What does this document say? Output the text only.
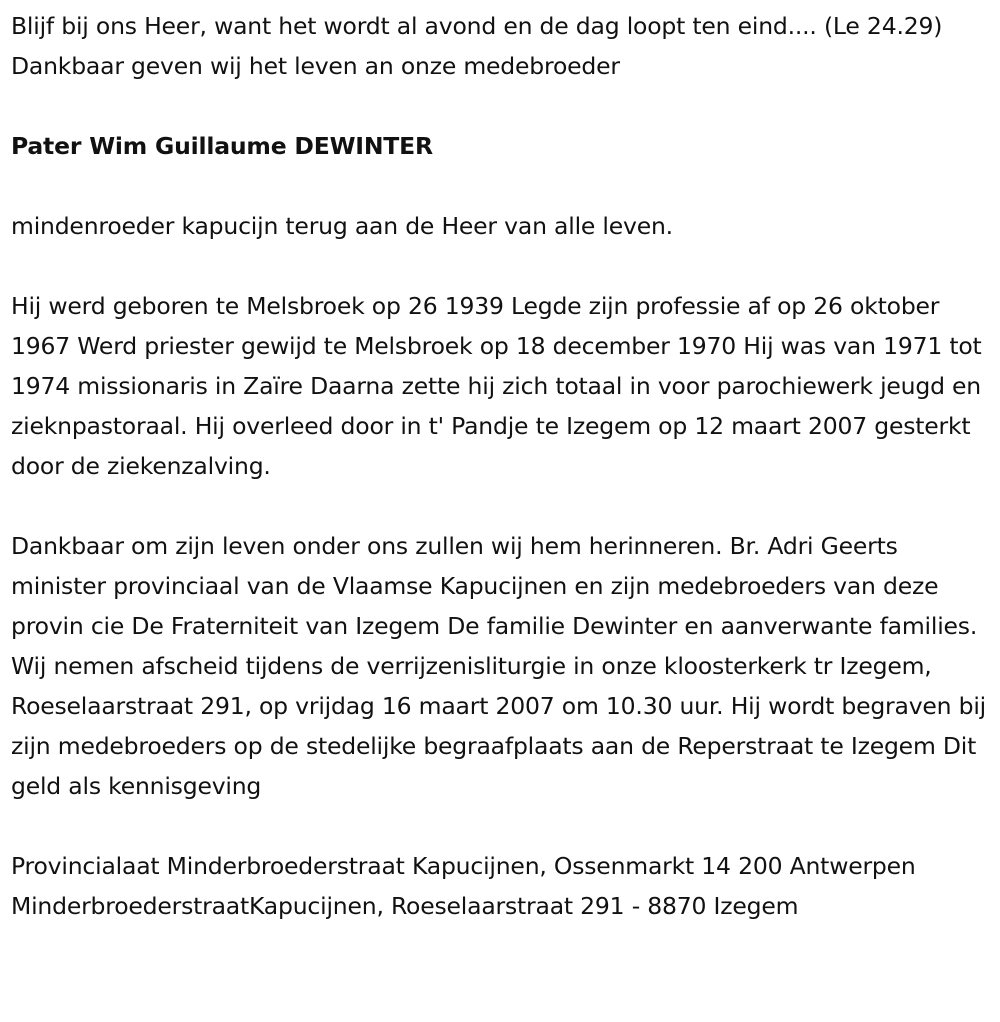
Blijf bij ons Heer, want het wordt al avond en de dag loopt ten eind.... (Le 24.29) Dankbaar geven wij het leven an onze medebroeder

Pater Wim Guillaume DEWINTER

mindenroeder kapucijn terug aan de Heer van alle leven.

Hij werd geboren te Melsbroek op 26 1939 Legde zijn professie af op 26 oktober 1967 Werd priester gewijd te Melsbroek op 18 december 1970 Hij was van 1971 tot 1974 missionaris in Zaïre Daarna zette hij zich totaal in voor parochiewerk jeugd en zieknpastoraal. Hij overleed door in t' Pandje te Izegem op 12 maart 2007 gesterkt door de ziekenzalving.

Dankbaar om zijn leven onder ons zullen wij hem herinneren. Br. Adri Geerts minister provinciaal van de Vlaamse Kapucijnen en zijn medebroeders van deze provin cie De Fraterniteit van Izegem De familie Dewinter en aanverwante families. Wij nemen afscheid tijdens de verrijzenisliturgie in onze kloosterkerk tr Izegem, Roeselaarstraat 291, op vrijdag 16 maart 2007 om 10.30 uur. Hij wordt begraven bij zijn medebroeders op de stedelijke begraafplaats aan de Reperstraat te Izegem Dit geld als kennisgeving

Provincialaat Minderbroederstraat Kapucijnen, Ossenmarkt 14 200 Antwerpen MinderbroederstraatKapucijnen, Roeselaarstraat 291 - 8870 Izegem
